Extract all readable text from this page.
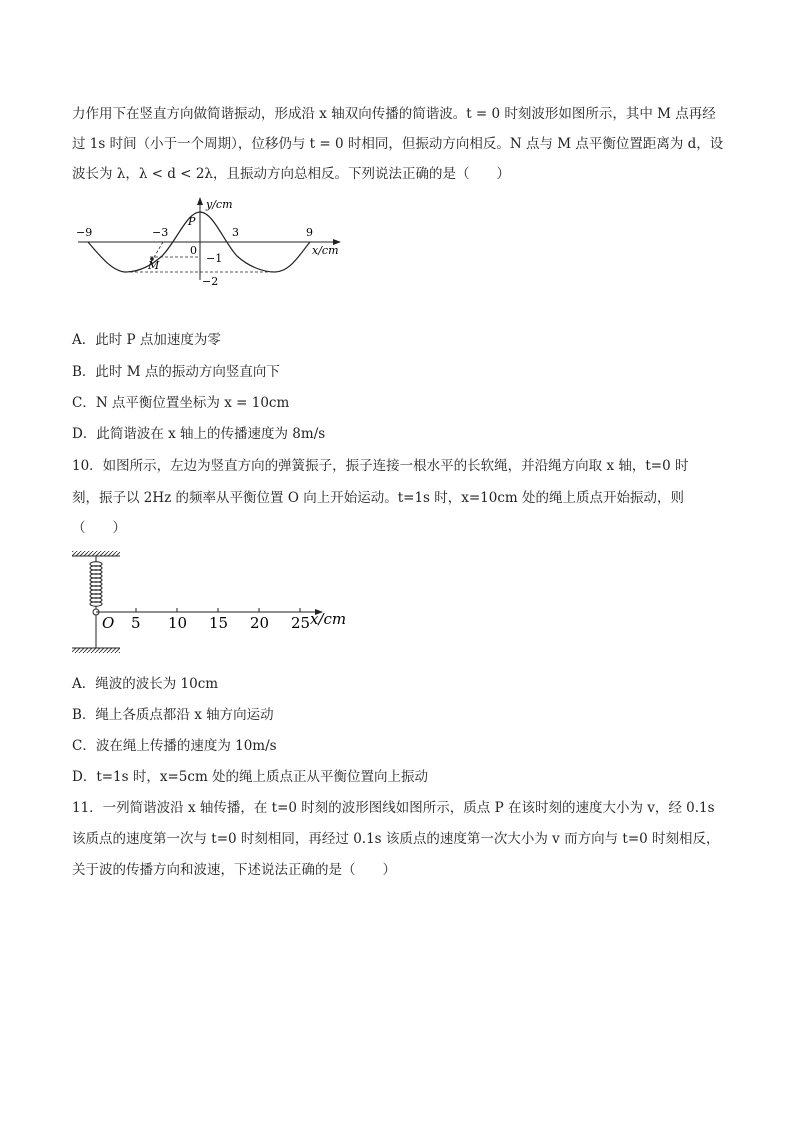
力作用下在竖直方向做简谐振动，形成沿 x 轴双向传播的简谐波。t = 0 时刻波形如图所示，其中 M 点再经
过 1s 时间（小于一个周期），位移仍与 t = 0 时相同，但振动方向相反。N 点与 M 点平衡位置距离为 d，设
波长为 λ，λ < d < 2λ，且振动方向总相反。下列说法正确的是（　　）
y/cm
x/cm
−9	−3
0
3	9
−1
−2
P
M
A．此时 P 点加速度为零
B．此时 M 点的振动方向竖直向下
C．N 点平衡位置坐标为 x = 10cm
D．此简谐波在 x 轴上的传播速度为 8m/s
10．如图所示，左边为竖直方向的弹簧振子，振子连接一根水平的长软绳，并沿绳方向取 x 轴，t=0 时
刻，振子以 2Hz 的频率从平衡位置 O 向上开始运动。t=1s 时，x=10cm 处的绳上质点开始振动，则
（　　）
O 5 10 15 20 25 x/cm
A．绳波的波长为 10cm
B．绳上各质点都沿 x 轴方向运动
C．波在绳上传播的速度为 10m/s
D．t=1s 时，x=5cm 处的绳上质点正从平衡位置向上振动
11．一列简谐波沿 x 轴传播，在 t=0 时刻的波形图线如图所示，质点 P 在该时刻的速度大小为 v，经 0.1s
该质点的速度第一次与 t=0 时刻相同，再经过 0.1s 该质点的速度第一次大小为 v 而方向与 t=0 时刻相反，
关于波的传播方向和波速，下述说法正确的是（　　）
